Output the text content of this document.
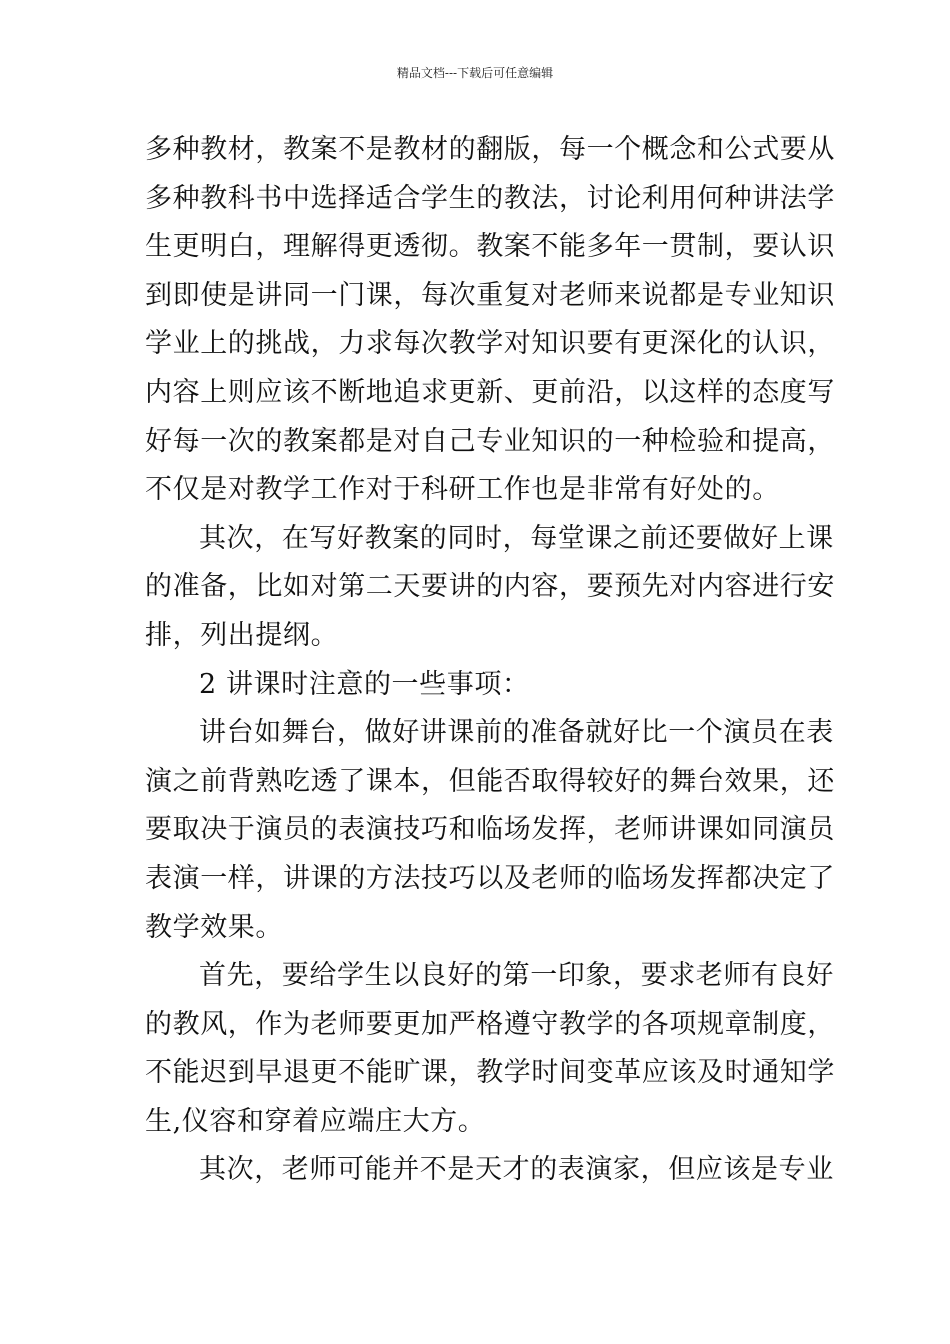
精品文档---下载后可任意编辑
多种教材，教案不是教材的翻版，每一个概念和公式要从
多种教科书中选择适合学生的教法，讨论利用何种讲法学
生更明白，理解得更透彻。教案不能多年一贯制，要认识
到即使是讲同一门课，每次重复对老师来说都是专业知识
学业上的挑战，力求每次教学对知识要有更深化的认识，
内容上则应该不断地追求更新、更前沿，以这样的态度写
好每一次的教案都是对自己专业知识的一种检验和提高，
不仅是对教学工作对于科研工作也是非常有好处的。
其次，在写好教案的同时，每堂课之前还要做好上课
的准备，比如对第二天要讲的内容，要预先对内容进行安
排，列出提纲。
2 讲课时注意的一些事项：
讲台如舞台，做好讲课前的准备就好比一个演员在表
演之前背熟吃透了课本，但能否取得较好的舞台效果，还
要取决于演员的表演技巧和临场发挥，老师讲课如同演员
表演一样，讲课的方法技巧以及老师的临场发挥都决定了
教学效果。
首先，要给学生以良好的第一印象，要求老师有良好
的教风，作为老师要更加严格遵守教学的各项规章制度，
不能迟到早退更不能旷课，教学时间变革应该及时通知学
生,仪容和穿着应端庄大方。
其次，老师可能并不是天才的表演家，但应该是专业
